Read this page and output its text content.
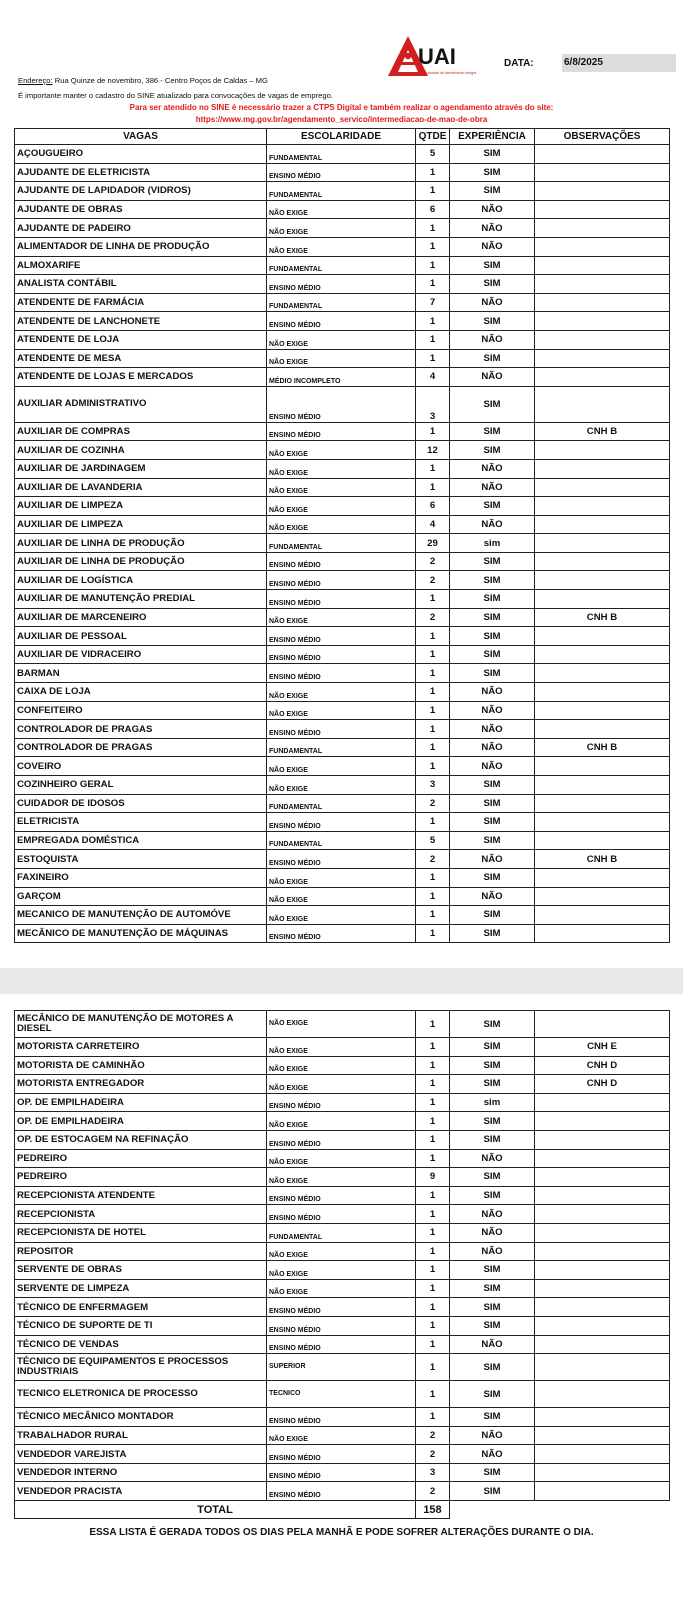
UAI
Unidade de Atendimento Integrado
DATA:	6/8/2025
Endereço: Rua Quinze de novembro, 386 - Centro Poços de Caldas – MG
É importante manter o cadastro do SINE atualizado para convocações de vagas de emprego.
Para ser atendido no SINE é necessário trazer a CTPS Digital e também realizar o agendamento através do site:
https://www.mg.gov.br/agendamento_servico/intermediacao-de-mao-de-obra
VAGAS	ESCOLARIDADE	QTDE	EXPERIÊNCIA	OBSERVAÇÕES
AÇOUGUEIRO	FUNDAMENTAL	5	SIM	
AJUDANTE DE ELETRICISTA	ENSINO MÉDIO	1	SIM	
AJUDANTE DE LAPIDADOR (VIDROS)	FUNDAMENTAL	1	SIM	
AJUDANTE DE OBRAS	NÃO EXIGE	6	NÃO	
AJUDANTE DE PADEIRO	NÃO EXIGE	1	NÃO	
ALIMENTADOR DE LINHA DE PRODUÇÃO	NÃO EXIGE	1	NÃO	
ALMOXARIFE	FUNDAMENTAL	1	SIM	
ANALISTA CONTÁBIL	ENSINO MÉDIO	1	SIM	
ATENDENTE DE FARMÁCIA	FUNDAMENTAL	7	NÃO	
ATENDENTE DE LANCHONETE	ENSINO MÉDIO	1	SIM	
ATENDENTE DE LOJA	NÃO EXIGE	1	NÃO	
ATENDENTE DE MESA	NÃO EXIGE	1	SIM	
ATENDENTE DE LOJAS E MERCADOS	MÉDIO INCOMPLETO	4	NÃO	
AUXILIAR ADMINISTRATIVO	ENSINO MÉDIO	3	SIM	
AUXILIAR DE COMPRAS	ENSINO MÉDIO	1	SIM	CNH B
AUXILIAR DE COZINHA	NÃO EXIGE	12	SIM	
AUXILIAR DE JARDINAGEM	NÃO EXIGE	1	NÃO	
AUXILIAR DE LAVANDERIA	NÃO EXIGE	1	NÃO	
AUXILIAR DE LIMPEZA	NÃO EXIGE	6	SIM	
AUXILIAR DE LIMPEZA	NÃO EXIGE	4	NÃO	
AUXILIAR DE LINHA DE PRODUÇÃO	FUNDAMENTAL	29	sim	
AUXILIAR DE LINHA DE PRODUÇÃO	ENSINO MÉDIO	2	SIM	
AUXILIAR DE LOGÍSTICA	ENSINO MÉDIO	2	SIM	
AUXILIAR DE MANUTENÇÃO PREDIAL	ENSINO MÉDIO	1	SIM	
AUXILIAR DE MARCENEIRO	NÃO EXIGE	2	SIM	CNH B
AUXILIAR DE PESSOAL	ENSINO MÉDIO	1	SIM	
AUXILIAR DE VIDRACEIRO	ENSINO MÉDIO	1	SIM	
BARMAN	ENSINO MÉDIO	1	SIM	
CAIXA DE LOJA	NÃO EXIGE	1	NÃO	
CONFEITEIRO	NÃO EXIGE	1	NÃO	
CONTROLADOR DE PRAGAS	ENSINO MÉDIO	1	NÃO	
CONTROLADOR DE PRAGAS	FUNDAMENTAL	1	NÃO	CNH B
COVEIRO	NÃO EXIGE	1	NÃO	
COZINHEIRO GERAL	NÃO EXIGE	3	SIM	
CUIDADOR DE IDOSOS	FUNDAMENTAL	2	SIM	
ELETRICISTA	ENSINO MÉDIO	1	SIM	
EMPREGADA DOMÉSTICA	FUNDAMENTAL	5	SIM	
ESTOQUISTA	ENSINO MÉDIO	2	NÃO	CNH B
FAXINEIRO	NÃO EXIGE	1	SIM	
GARÇOM	NÃO EXIGE	1	NÃO	
MECANICO DE MANUTENÇÃO DE AUTOMÓVE	NÃO EXIGE	1	SIM	
MECÂNICO DE MANUTENÇÃO DE MÁQUINAS	ENSINO MÉDIO	1	SIM	
MECÂNICO DE MANUTENÇÃO DE MOTORES A DIESEL	NÃO EXIGE	1	SIM	
MOTORISTA CARRETEIRO	NÃO EXIGE	1	SIM	CNH E
MOTORISTA DE CAMINHÃO	NÃO EXIGE	1	SIM	CNH D
MOTORISTA ENTREGADOR	NÃO EXIGE	1	SIM	CNH D
OP. DE EMPILHADEIRA	ENSINO MÉDIO	1	sim	
OP. DE EMPILHADEIRA	NÃO EXIGE	1	SIM	
OP. DE ESTOCAGEM NA REFINAÇÃO	ENSINO MÉDIO	1	SIM	
PEDREIRO	NÃO EXIGE	1	NÃO	
PEDREIRO	NÃO EXIGE	9	SIM	
RECEPCIONISTA ATENDENTE	ENSINO MÉDIO	1	SIM	
RECEPCIONISTA	ENSINO MÉDIO	1	NÃO	
RECEPCIONISTA DE HOTEL	FUNDAMENTAL	1	NÃO	
REPOSITOR	NÃO EXIGE	1	NÃO	
SERVENTE DE OBRAS	NÃO EXIGE	1	SIM	
SERVENTE DE LIMPEZA	NÃO EXIGE	1	SIM	
TÉCNICO DE ENFERMAGEM	ENSINO MÉDIO	1	SIM	
TÉCNICO DE SUPORTE DE TI	ENSINO MÉDIO	1	SIM	
TÉCNICO DE VENDAS	ENSINO MÉDIO	1	NÃO	
TÉCNICO DE EQUIPAMENTOS E PROCESSOS INDUSTRIAIS	SUPERIOR	1	SIM	
TECNICO ELETRONICA DE PROCESSO	TECNICO	1	SIM	
TÉCNICO MECÂNICO MONTADOR	ENSINO MÉDIO	1	SIM	
TRABALHADOR RURAL	NÃO EXIGE	2	NÃO	
VENDEDOR VAREJISTA	ENSINO MÉDIO	2	NÃO	
VENDEDOR INTERNO	ENSINO MÉDIO	3	SIM	
VENDEDOR PRACISTA	ENSINO MÉDIO	2	SIM	
TOTAL		158		
ESSA LISTA É GERADA TODOS OS DIAS PELA MANHÃ E PODE SOFRER ALTERAÇÕES DURANTE O DIA.
